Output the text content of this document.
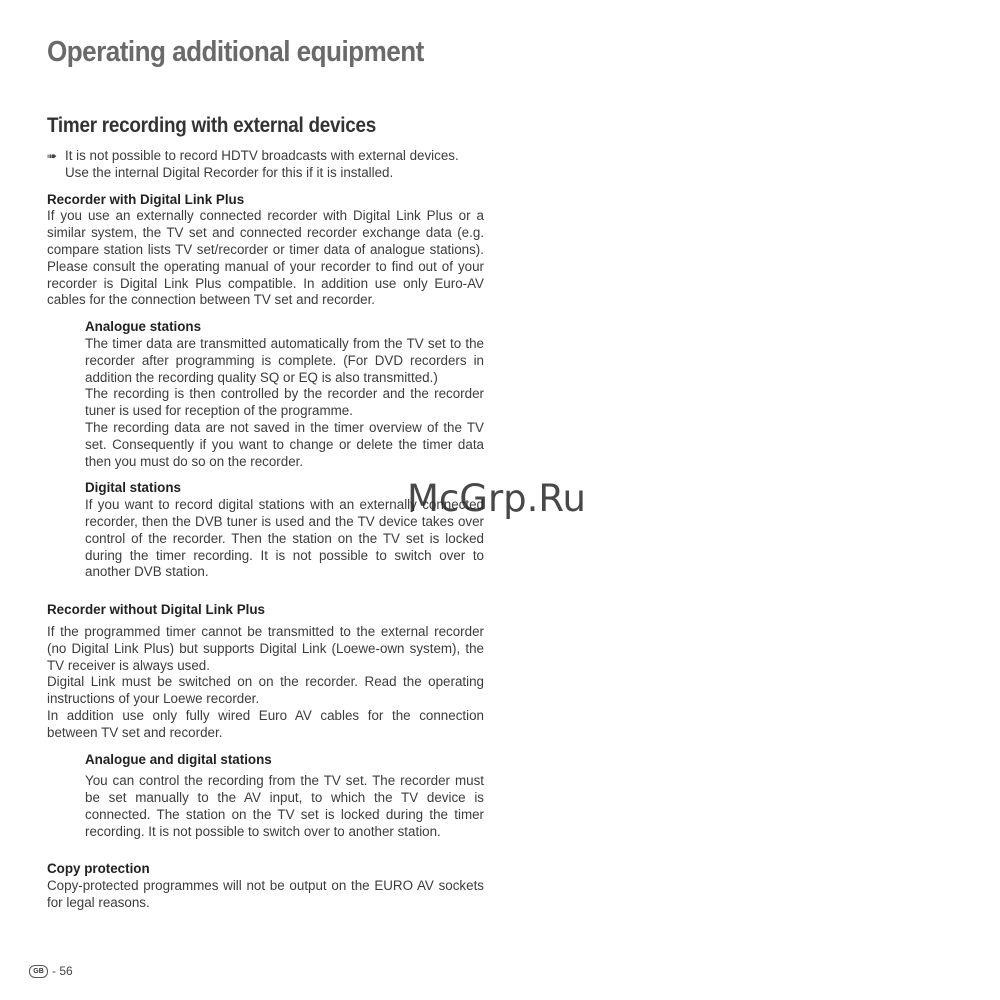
Operating additional equipment
Timer recording with external devices

➠ It is not possible to record HDTV broadcasts with external devices. Use the internal Digital Recorder for this if it is installed.

Recorder with Digital Link Plus

If you use an externally connected recorder with Digital Link Plus or a similar system, the TV set and connected recorder exchange data (e.g. compare station lists TV set/recorder or timer data of analogue stations). Please consult the operating manual of your recorder to find out of your recorder is Digital Link Plus compatible. In addition use only Euro-AV cables for the connection between TV set and recorder.

Analogue stations

The timer data are transmitted automatically from the TV set to the recorder after programming is complete. (For DVD recorders in addition the recording quality SQ or EQ is also transmitted.)

The recording is then controlled by the recorder and the recorder tuner is used for reception of the programme.

The recording data are not saved in the timer overview of the TV set. Consequently if you want to change or delete the timer data then you must do so on the recorder.

Digital stations

If you want to record digital stations with an externally connected recorder, then the DVB tuner is used and the TV device takes over control of the recorder. Then the station on the TV set is locked during the timer recording. It is not possible to switch over to another DVB station.

Recorder without Digital Link Plus

If the programmed timer cannot be transmitted to the external recorder (no Digital Link Plus) but supports Digital Link (Loewe-own system), the TV receiver is always used.

Digital Link must be switched on on the recorder. Read the operating instructions of your Loewe recorder.

In addition use only fully wired Euro AV cables for the connection between TV set and recorder.

Analogue and digital stations

You can control the recording from the TV set. The recorder must be set manually to the AV input, to which the TV device is connected. The station on the TV set is locked during the timer recording. It is not possible to switch over to another station.

Copy protection

Copy-protected programmes will not be output on the EURO AV sockets for legal reasons.

GB - 56
McGrp.Ru
